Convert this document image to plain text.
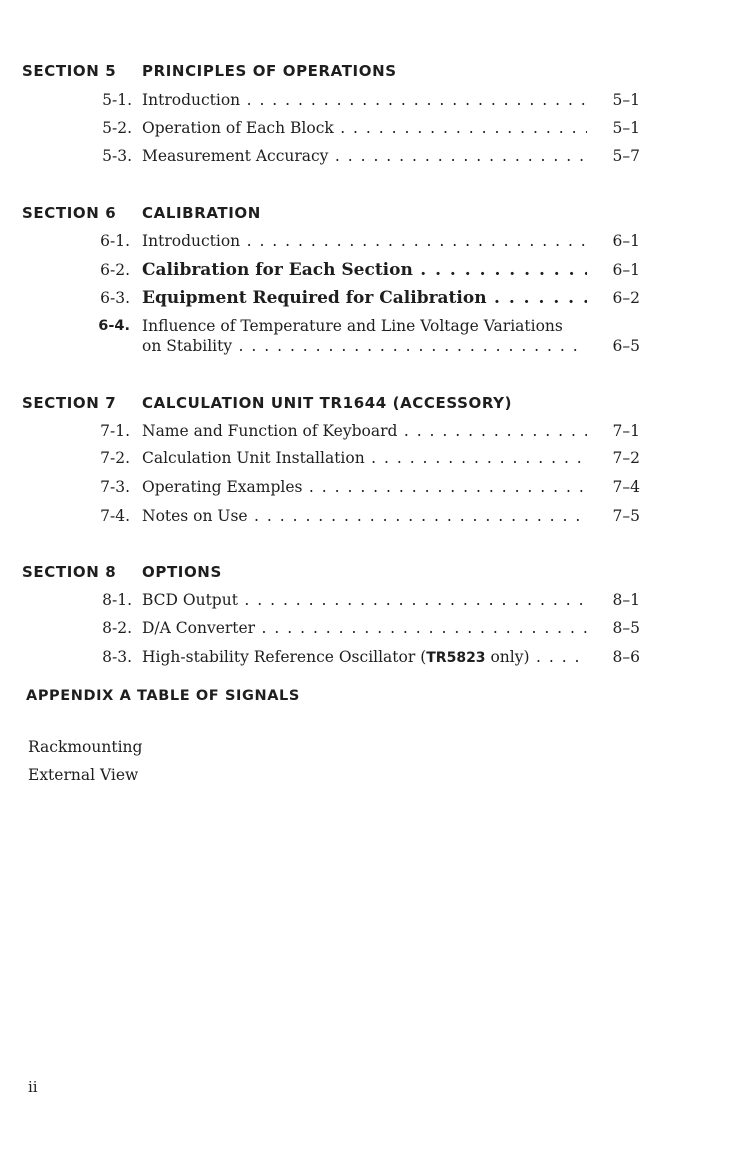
SECTION 5 PRINCIPLES OF OPERATIONS
5-1. Introduction . . .	5–1
5-2. Operation of Each Block . . .	5–1
5-3. Measurement Accuracy . . .	5–7
SECTION 6 CALIBRATION
6-1. Introduction . . .	6–1
6-2. Calibration for Each Section . . .	6–1
6-3. Equipment Required for Calibration . . .	6–2
6-4. Influence of Temperature and Line Voltage Variations
on Stability . . .	6–5
SECTION 7 CALCULATION UNIT TR1644 (ACCESSORY)
7-1. Name and Function of Keyboard . . .	7–1
7-2. Calculation Unit Installation . . .	7–2
7-3. Operating Examples . . .	7–4
7-4. Notes on Use . . .	7–5
SECTION 8 OPTIONS
8-1. BCD Output . . .	8–1
8-2. D/A Converter . . .	8–5
8-3. High-stability Reference Oscillator (TR5823 only) . . .	8–6
APPENDIX A TABLE OF SIGNALS
Rackmounting
External View
ii
